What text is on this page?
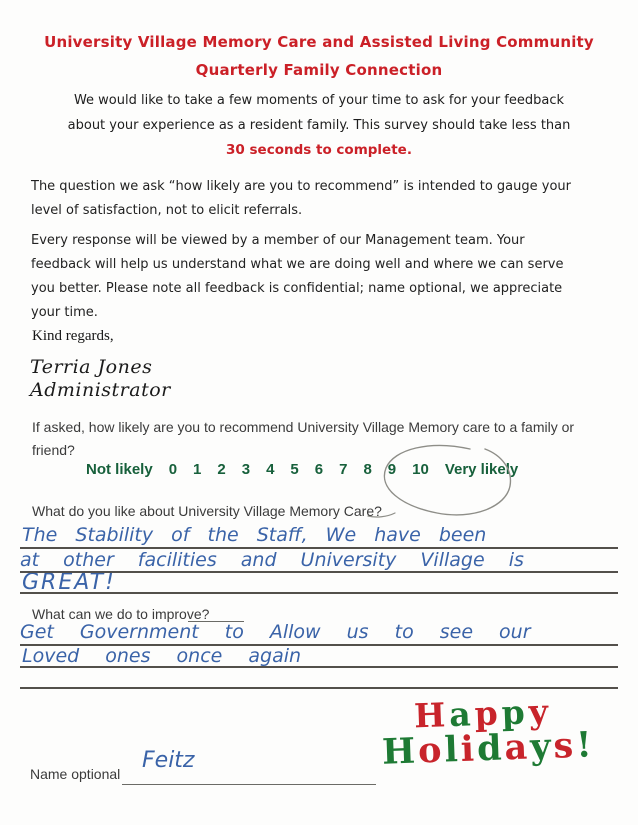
University Village Memory Care and Assisted Living Community
Quarterly Family Connection
We would like to take a few moments of your time to ask for your feedback
about your experience as a resident family. This survey should take less than
30 seconds to complete.
The question we ask “how likely are you to recommend” is intended to gauge your
level of satisfaction, not to elicit referrals.
Every response will be viewed by a member of our Management team. Your
feedback will help us understand what we are doing well and where we can serve
you better. Please note all feedback is confidential; name optional, we appreciate
your time.
Kind regards,
Terria Jones
Administrator
If asked, how likely are you to recommend University Village Memory care to a family or
friend?
Not likely 0 1 2 3 4 5 6 7 8 9 10 Very likely
What do you like about University Village Memory Care?
The Stability of the Staff, We have been
at other facilities and University Village is
GREAT!
What can we do to improve?
Get Government to Allow us to see our
Loved ones once again
Name optional
Feitz
Happy
Holidays!
